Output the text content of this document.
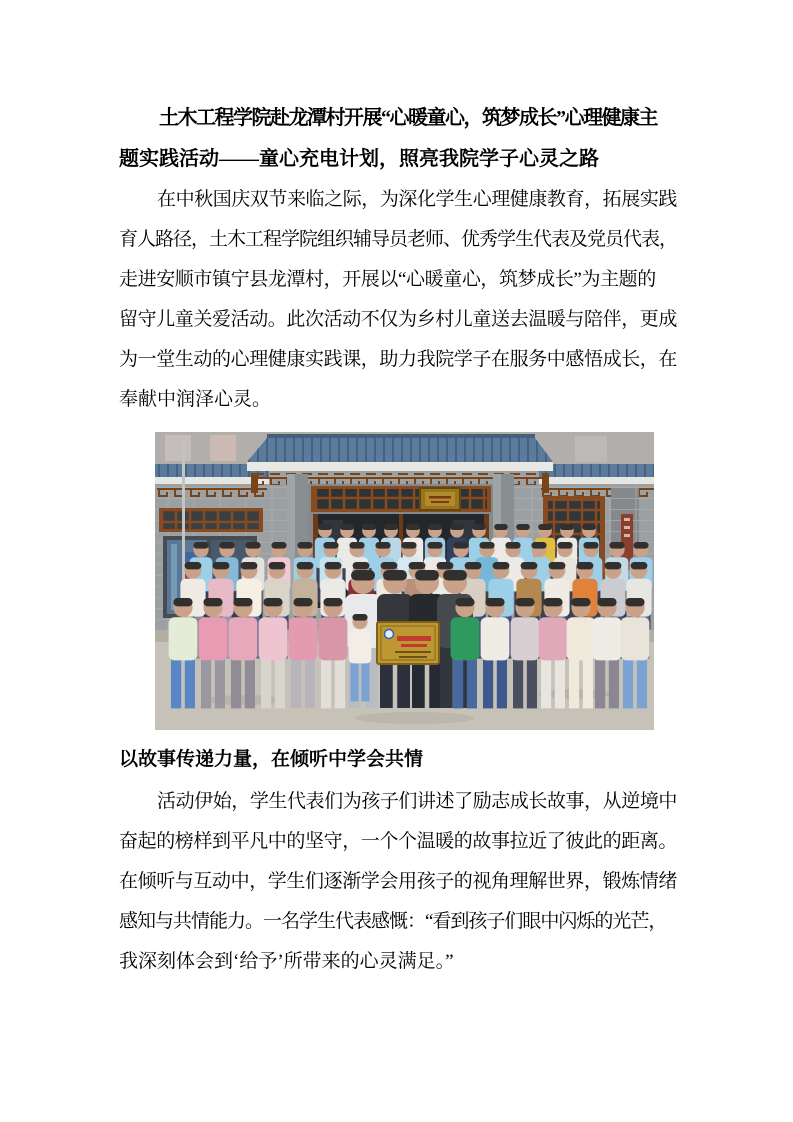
土木工程学院赴龙潭村开展“心暖童心，筑梦成长”心理健康主
题实践活动——童心充电计划，照亮我院学子心灵之路
在中秋国庆双节来临之际，为深化学生心理健康教育，拓展实践
育人路径，土木工程学院组织辅导员老师、优秀学生代表及党员代表，
走进安顺市镇宁县龙潭村，开展以“心暖童心，筑梦成长”为主题的
留守儿童关爱活动。此次活动不仅为乡村儿童送去温暖与陪伴，更成
为一堂生动的心理健康实践课，助力我院学子在服务中感悟成长，在
奉献中润泽心灵。
以故事传递力量，在倾听中学会共情
活动伊始，学生代表们为孩子们讲述了励志成长故事，从逆境中
奋起的榜样到平凡中的坚守，一个个温暖的故事拉近了彼此的距离。
在倾听与互动中，学生们逐渐学会用孩子的视角理解世界，锻炼情绪
感知与共情能力。一名学生代表感慨：“看到孩子们眼中闪烁的光芒，
我深刻体会到‘给予’所带来的心灵满足。”
